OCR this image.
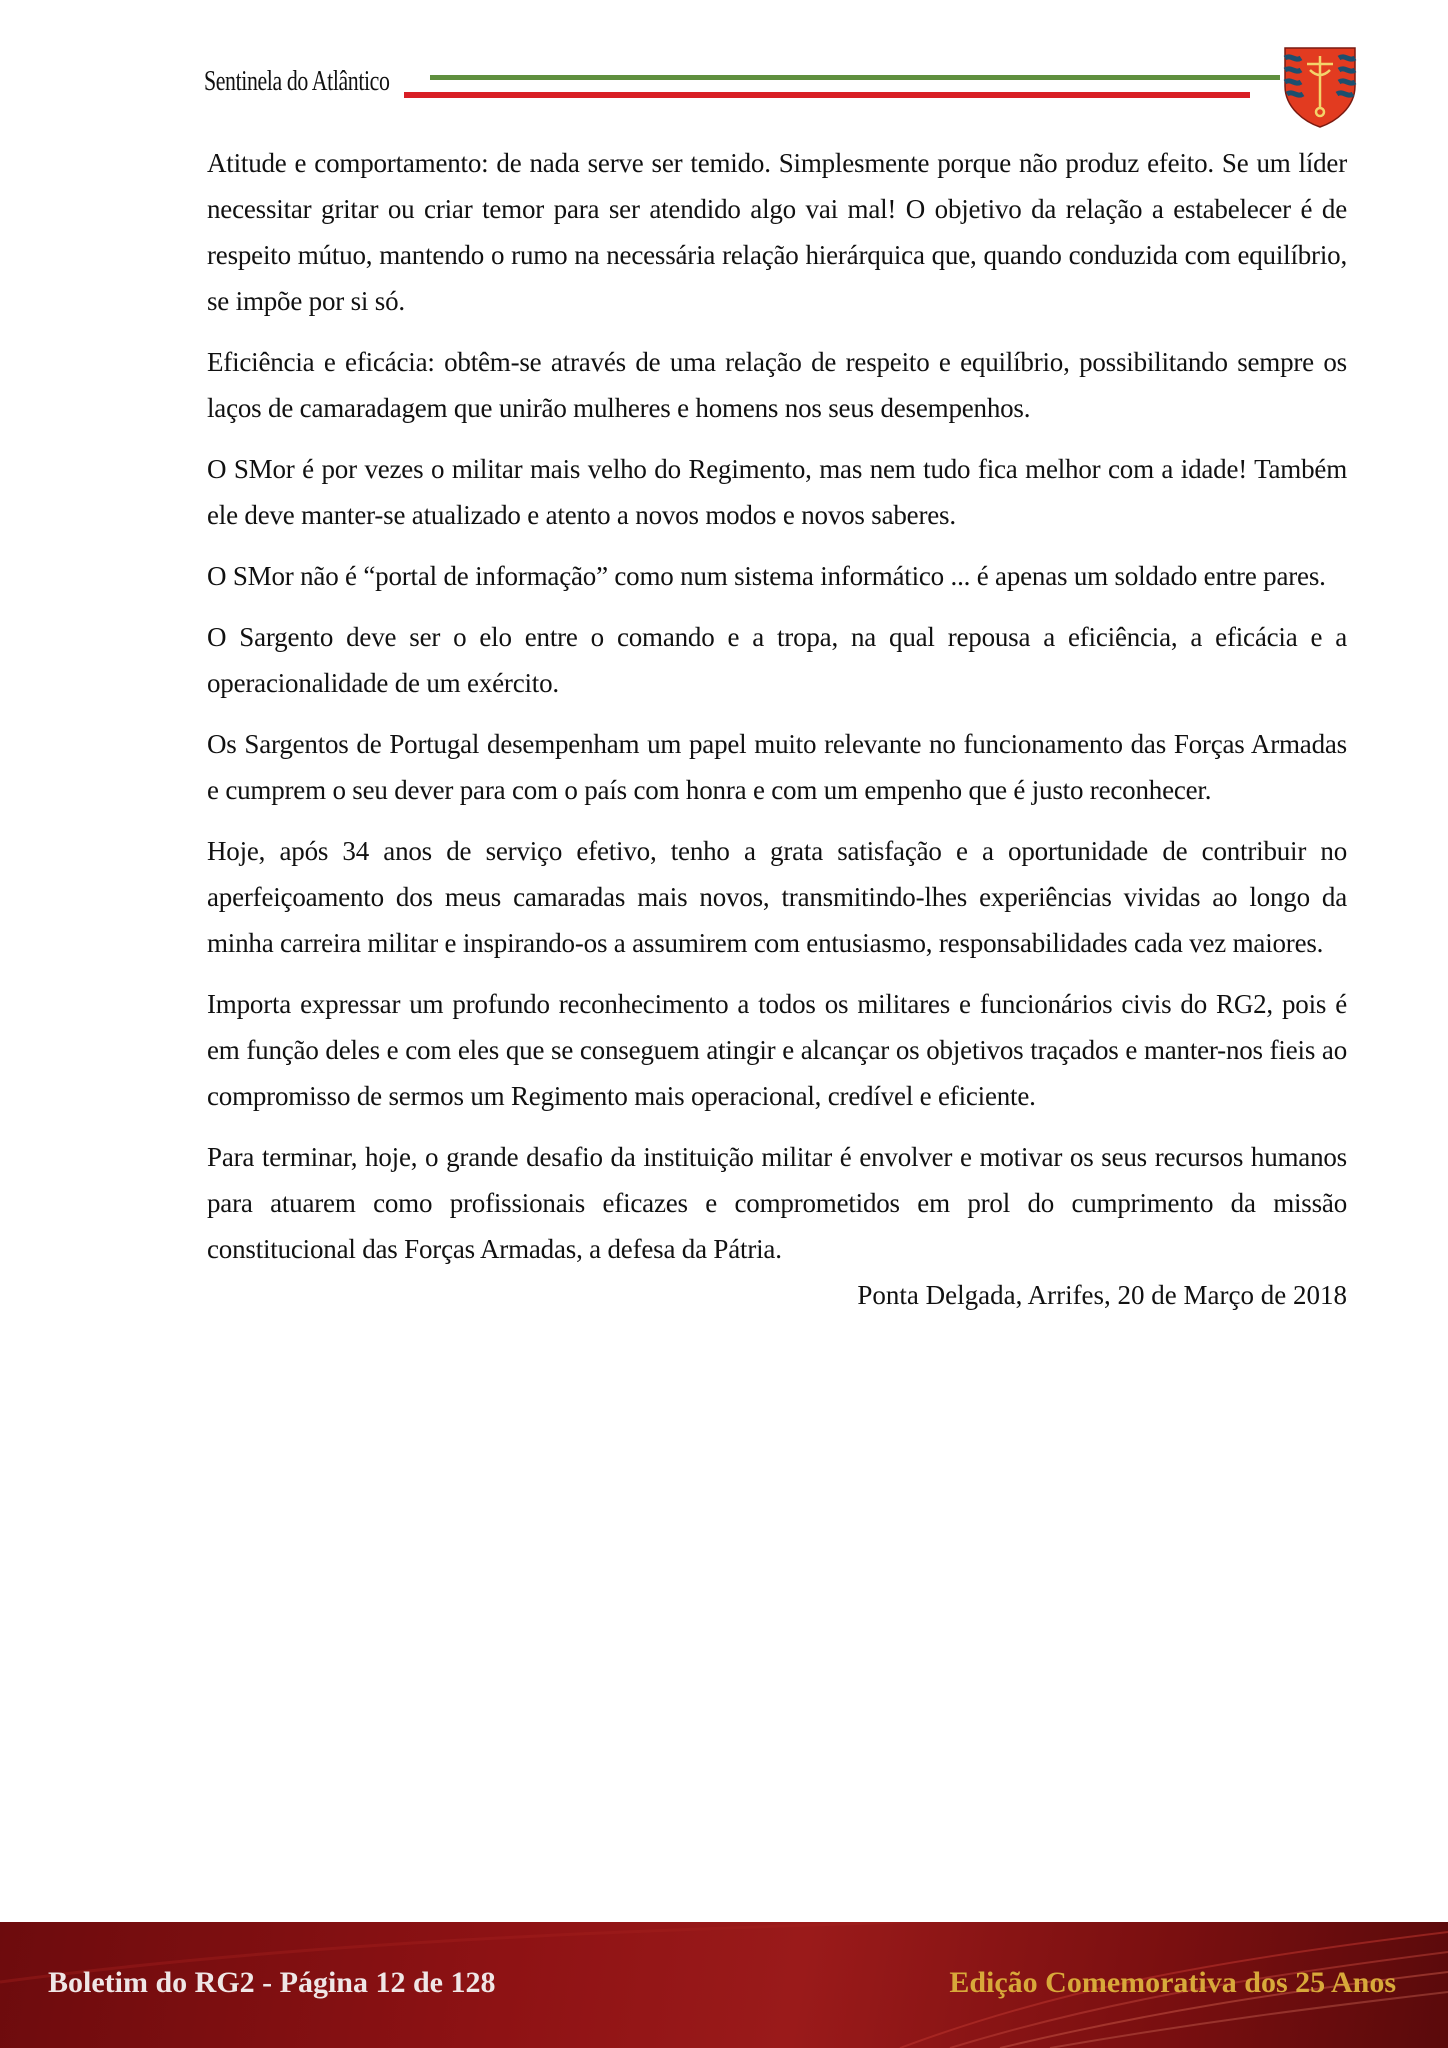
Sentinela do Atlântico

Atitude e comportamento: de nada serve ser temido. Simplesmente porque não produz efeito. Se um líder necessitar gritar ou criar temor para ser atendido algo vai mal! O objetivo da relação a estabelecer é de respeito mútuo, mantendo o rumo na necessária relação hierárquica que, quando conduzida com equilíbrio, se impõe por si só.

Eficiência e eficácia: obtêm-se através de uma relação de respeito e equilíbrio, possibilitando sempre os laços de camaradagem que unirão mulheres e homens nos seus desempenhos.

O SMor é por vezes o militar mais velho do Regimento, mas nem tudo fica melhor com a idade! Também ele deve manter-se atualizado e atento a novos modos e novos saberes.

O SMor não é “portal de informação” como num sistema informático ... é apenas um soldado entre pares.

O Sargento deve ser o elo entre o comando e a tropa, na qual repousa a eficiência, a eficácia e a operacionalidade de um exército.

Os Sargentos de Portugal desempenham um papel muito relevante no funcionamento das Forças Armadas e cumprem o seu dever para com o país com honra e com um empenho que é justo reconhecer.

Hoje, após 34 anos de serviço efetivo, tenho a grata satisfação e a oportunidade de contribuir no aperfeiçoamento dos meus camaradas mais novos, transmitindo-lhes experiências vividas ao longo da minha carreira militar e inspirando-os a assumirem com entusiasmo, responsabilidades cada vez maiores.

Importa expressar um profundo reconhecimento a todos os militares e funcionários civis do RG2, pois é em função deles e com eles que se conseguem atingir e alcançar os objetivos traçados e manter-nos fieis ao compromisso de sermos um Regimento mais operacional, credível e eficiente.

Para terminar, hoje, o grande desafio da instituição militar é envolver e motivar os seus recursos humanos para atuarem como profissionais eficazes e comprometidos em prol do cumprimento da missão constitucional das Forças Armadas, a defesa da Pátria.

Ponta Delgada, Arrifes, 20 de Março de 2018
Boletim do RG2 - Página 12 de 128	Edição Comemorativa dos 25 Anos
